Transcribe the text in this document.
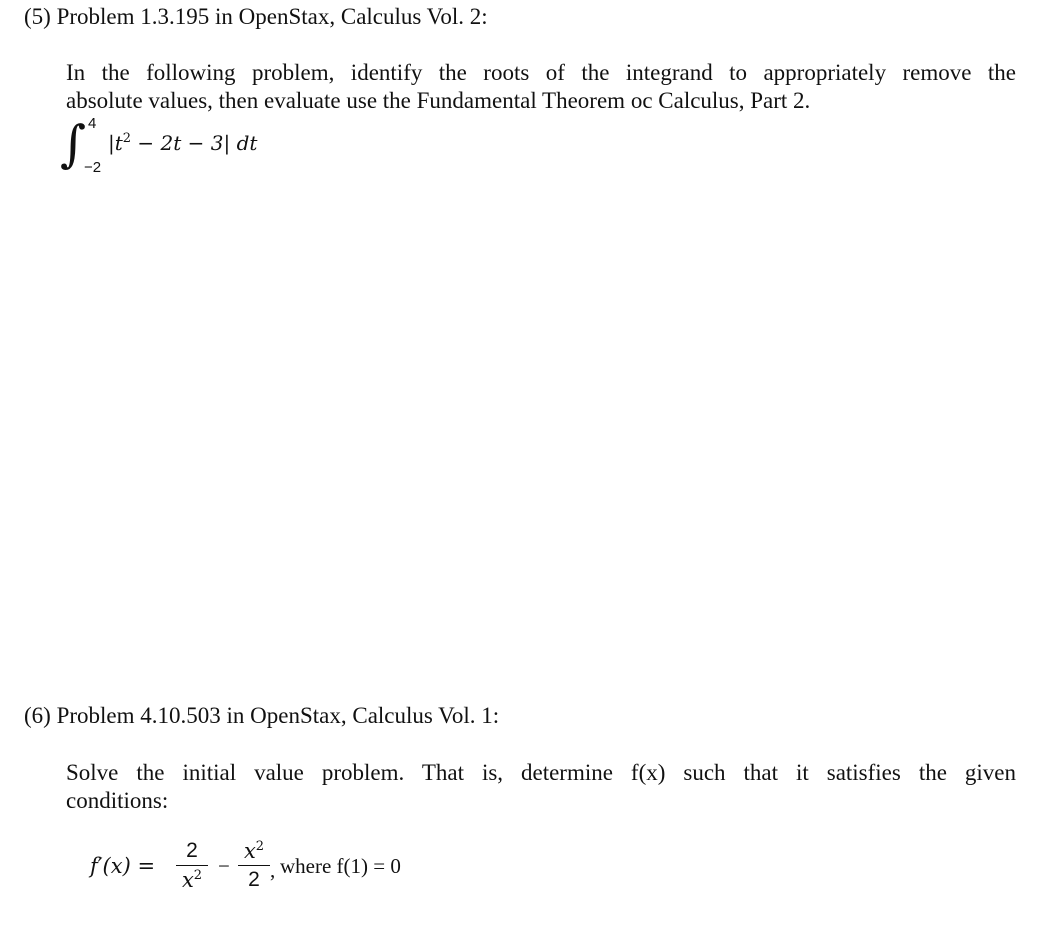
(5) Problem 1.3.195 in OpenStax, Calculus Vol. 2:
In the following problem, identify the roots of the integrand to appropriately remove the
absolute values, then evaluate use the Fundamental Theorem oc Calculus, Part 2.
∫ 4
−2
$|t^2 - 2t - 3|$ dt
(6) Problem 4.10.503 in OpenStax, Calculus Vol. 1:
Solve the initial value problem. That is, determine f(x) such that it satisfies the given
conditions:
f′(x) =
2
$x^2$ −
$x^2$
2 , where f(1) = 0
